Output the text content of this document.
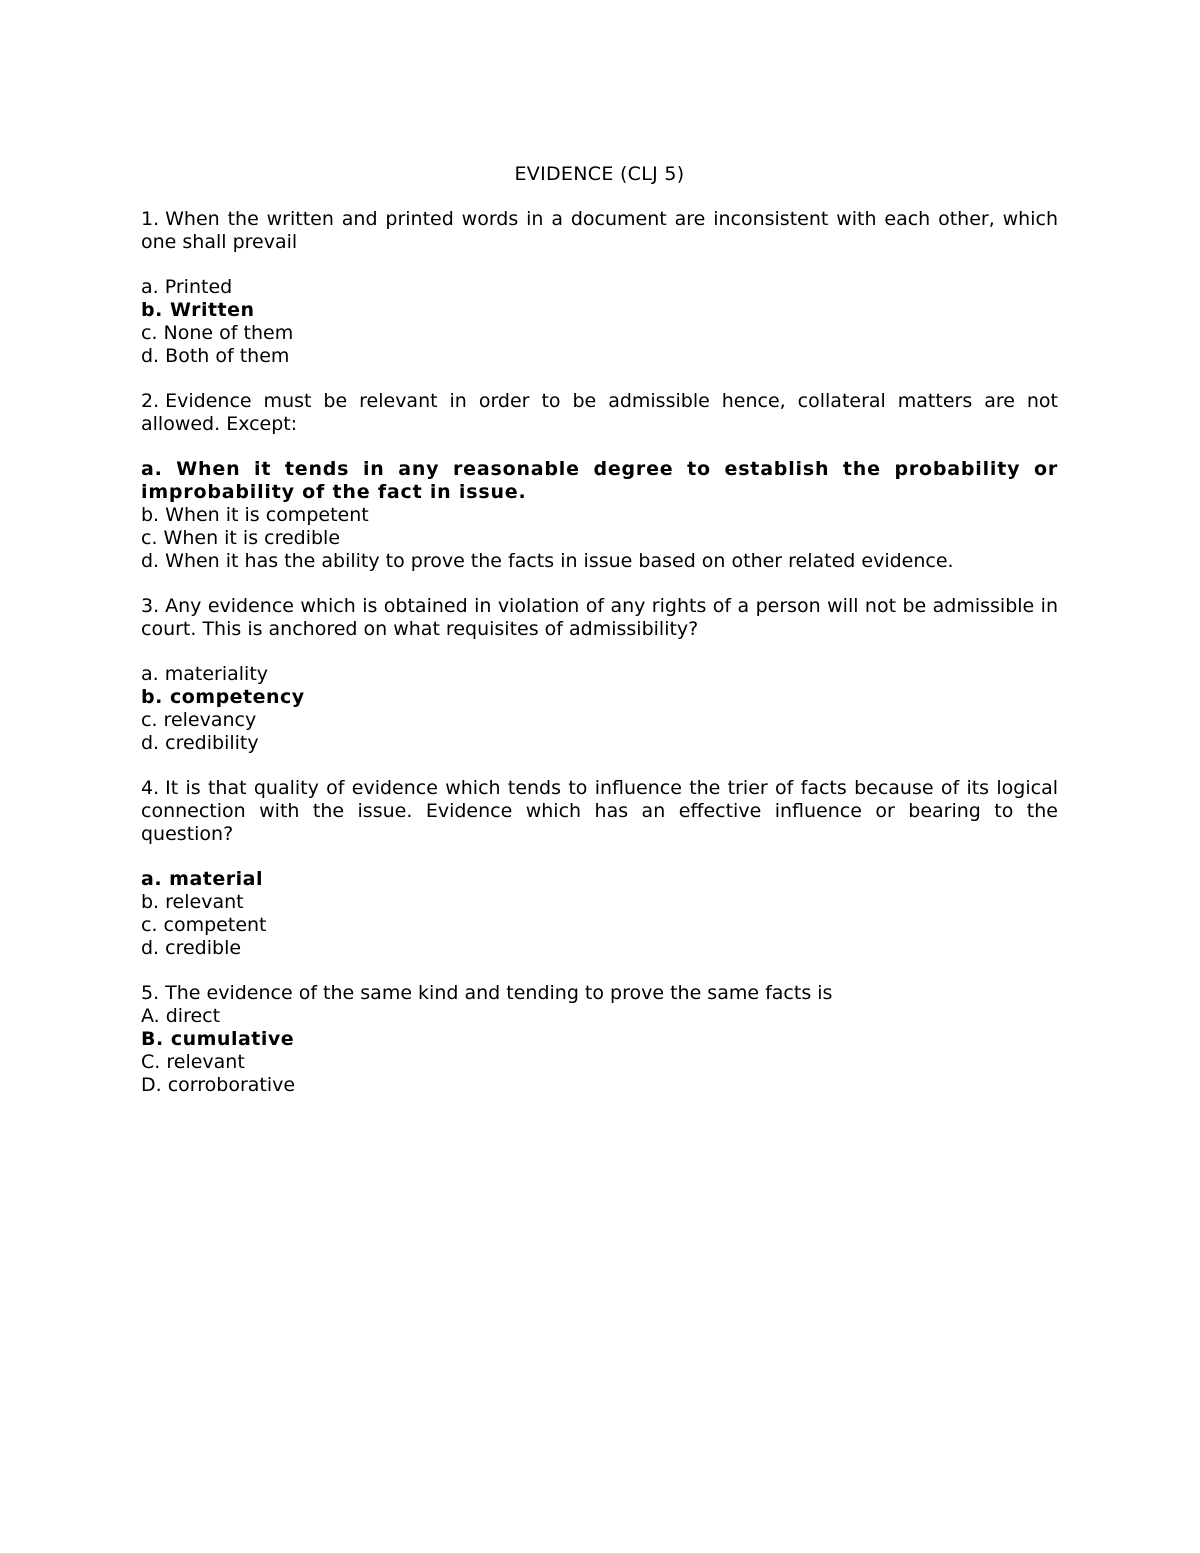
EVIDENCE (CLJ 5)
1. When the written and printed words in a document are inconsistent with each other, which one shall prevail
a. Printed
b. Written
c. None of them
d. Both of them
2. Evidence must be relevant in order to be admissible hence, collateral matters are not allowed. Except:
a. When it tends in any reasonable degree to establish the probability or improbability of the fact in issue.
b. When it is competent
c. When it is credible
d. When it has the ability to prove the facts in issue based on other related evidence.
3. Any evidence which is obtained in violation of any rights of a person will not be admissible in court. This is anchored on what requisites of admissibility?
a. materiality
b. competency
c. relevancy
d. credibility
4. It is that quality of evidence which tends to influence the trier of facts because of its logical connection with the issue. Evidence which has an effective influence or bearing to the question?
a. material
b. relevant
c. competent
d. credible
5. The evidence of the same kind and tending to prove the same facts is
A. direct
B. cumulative
C. relevant
D. corroborative
